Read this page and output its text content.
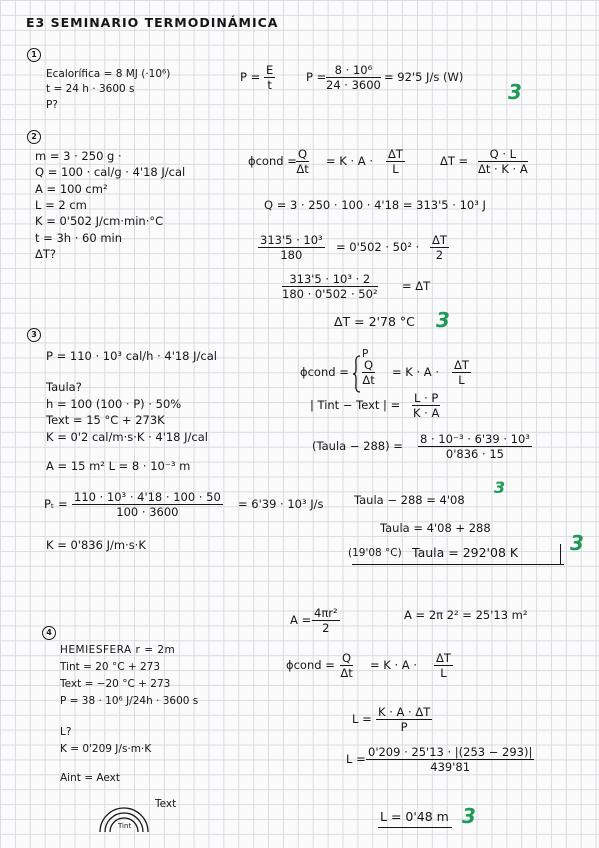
E3 SEMINARIO TERMODINÁMICA
1
Ecalorífica = 8 MJ (·10⁶)
t = 24 h · 3600 s
P?
$P = \frac{E}{t}$	$P = \frac{\text{8 · 10⁶}}{24 \cdot 3600} = 92'5$ J/s (W)
3
2
m = 3 · 250 g ·
Q = 100 · cal/g · 4'18 J/cal
A = 100 cm²
L = 2 cm
K = 0'502 J/cm·min·°C
t = 3h · 60 min
ΔT?
ϕcond = $\frac{Q}{\Delta t} = K \cdot A \cdot \frac{\Delta T}{L}$	$\Delta T = \frac{Q \cdot L}{\Delta t \cdot K \cdot A}$
Q = 3 · 250 · 100 · 4'18 = 313'5 · 10³ J
$\frac{\text{313'5 · 10³}}{180} = 0'502 \cdot 50^2 \cdot \frac{\Delta T}{2}$
$\frac{\text{313'5 · 10³ · 2}}{\text{180 · 0'502 · 50²}} = \Delta T$
ΔT = 2'78 °C 3
3
P = 110 · 10³ cal/h · 4'18 J/cal
Taula?
h = 100 (100 · P) · 50%
Text = 15 °C + 273K
K = 0'2 cal/m·s·K · 4'18 J/cal
A = 15 m² L = 8 · 10⁻³ m
$P_t = \frac{\text{110 · 10³ · 4'18 · 100 · 50}}{100 \cdot 3600} = 6'39 \cdot 10^3$ J/s
K = 0'836 J/m·s·K
ϕcond =
P
$\frac{Q}{\Delta t} = K \cdot A \cdot \frac{\Delta T}{L}$
| Tint − Text | = $\frac{L \cdot P}{K \cdot A}$
(Taula − $288) = \frac{\text{8 · 10⁻³ · 6'39 · 10³}}{0'836 \cdot 15}$
Taula − 288 = 4'08
3
Taula = 4'08 + 288
(19'08 °C) Taula = 292'08 K	3
$A = \frac{\text{4πr²}}{2}$	A = 2π 2² = 25'13 m²
4
HEMIESFERA r = 2m
Tint = 20 °C + 273
Text = −20 °C + 273
P = 38 · 10⁶ J/24h · 3600 s
L?
K = 0'209 J/s·m·K
Aint = Aext
Text
Tint
ϕcond = $\frac{Q}{\Delta t} = K \cdot A \cdot \frac{\Delta T}{L}$
$L = \frac{K \cdot A \cdot \Delta T}{P}$
$L = \frac{0'209 \cdot 25'13 \cdot |(253 - 293)|}{439'81}$
L = 0'48 m 3
